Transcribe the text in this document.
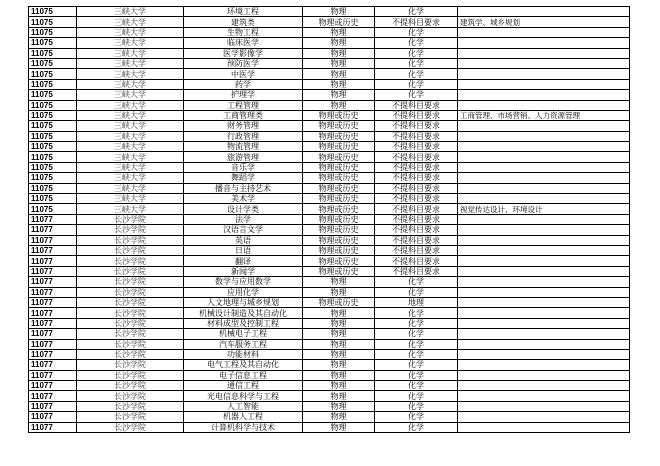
11075	三峡大学	环境工程	物理	化学	
11075	三峡大学	建筑类	物理或历史	不提科目要求	建筑学、城乡规划
11075	三峡大学	生物工程	物理	化学	
11075	三峡大学	临床医学	物理	化学	
11075	三峡大学	医学影像学	物理	化学	
11075	三峡大学	预防医学	物理	化学	
11075	三峡大学	中医学	物理	化学	
11075	三峡大学	药学	物理	化学	
11075	三峡大学	护理学	物理	化学	
11075	三峡大学	工程管理	物理	不提科目要求	
11075	三峡大学	工商管理类	物理或历史	不提科目要求	工商管理、市场营销、人力资源管理
11075	三峡大学	财务管理	物理或历史	不提科目要求	
11075	三峡大学	行政管理	物理或历史	不提科目要求	
11075	三峡大学	物流管理	物理或历史	不提科目要求	
11075	三峡大学	旅游管理	物理或历史	不提科目要求	
11075	三峡大学	音乐学	物理或历史	不提科目要求	
11075	三峡大学	舞蹈学	物理或历史	不提科目要求	
11075	三峡大学	播音与主持艺术	物理或历史	不提科目要求	
11075	三峡大学	美术学	物理或历史	不提科目要求	
11075	三峡大学	设计学类	物理或历史	不提科目要求	视觉传达设计、环境设计
11077	长沙学院	法学	物理或历史	不提科目要求	
11077	长沙学院	汉语言文学	物理或历史	不提科目要求	
11077	长沙学院	英语	物理或历史	不提科目要求	
11077	长沙学院	日语	物理或历史	不提科目要求	
11077	长沙学院	翻译	物理或历史	不提科目要求	
11077	长沙学院	新闻学	物理或历史	不提科目要求	
11077	长沙学院	数学与应用数学	物理	化学	
11077	长沙学院	应用化学	物理	化学	
11077	长沙学院	人文地理与城乡规划	物理或历史	地理	
11077	长沙学院	机械设计制造及其自动化	物理	化学	
11077	长沙学院	材料成型及控制工程	物理	化学	
11077	长沙学院	机械电子工程	物理	化学	
11077	长沙学院	汽车服务工程	物理	化学	
11077	长沙学院	功能材料	物理	化学	
11077	长沙学院	电气工程及其自动化	物理	化学	
11077	长沙学院	电子信息工程	物理	化学	
11077	长沙学院	通信工程	物理	化学	
11077	长沙学院	光电信息科学与工程	物理	化学	
11077	长沙学院	人工智能	物理	化学	
11077	长沙学院	机器人工程	物理	化学	
11077	长沙学院	计算机科学与技术	物理	化学	
